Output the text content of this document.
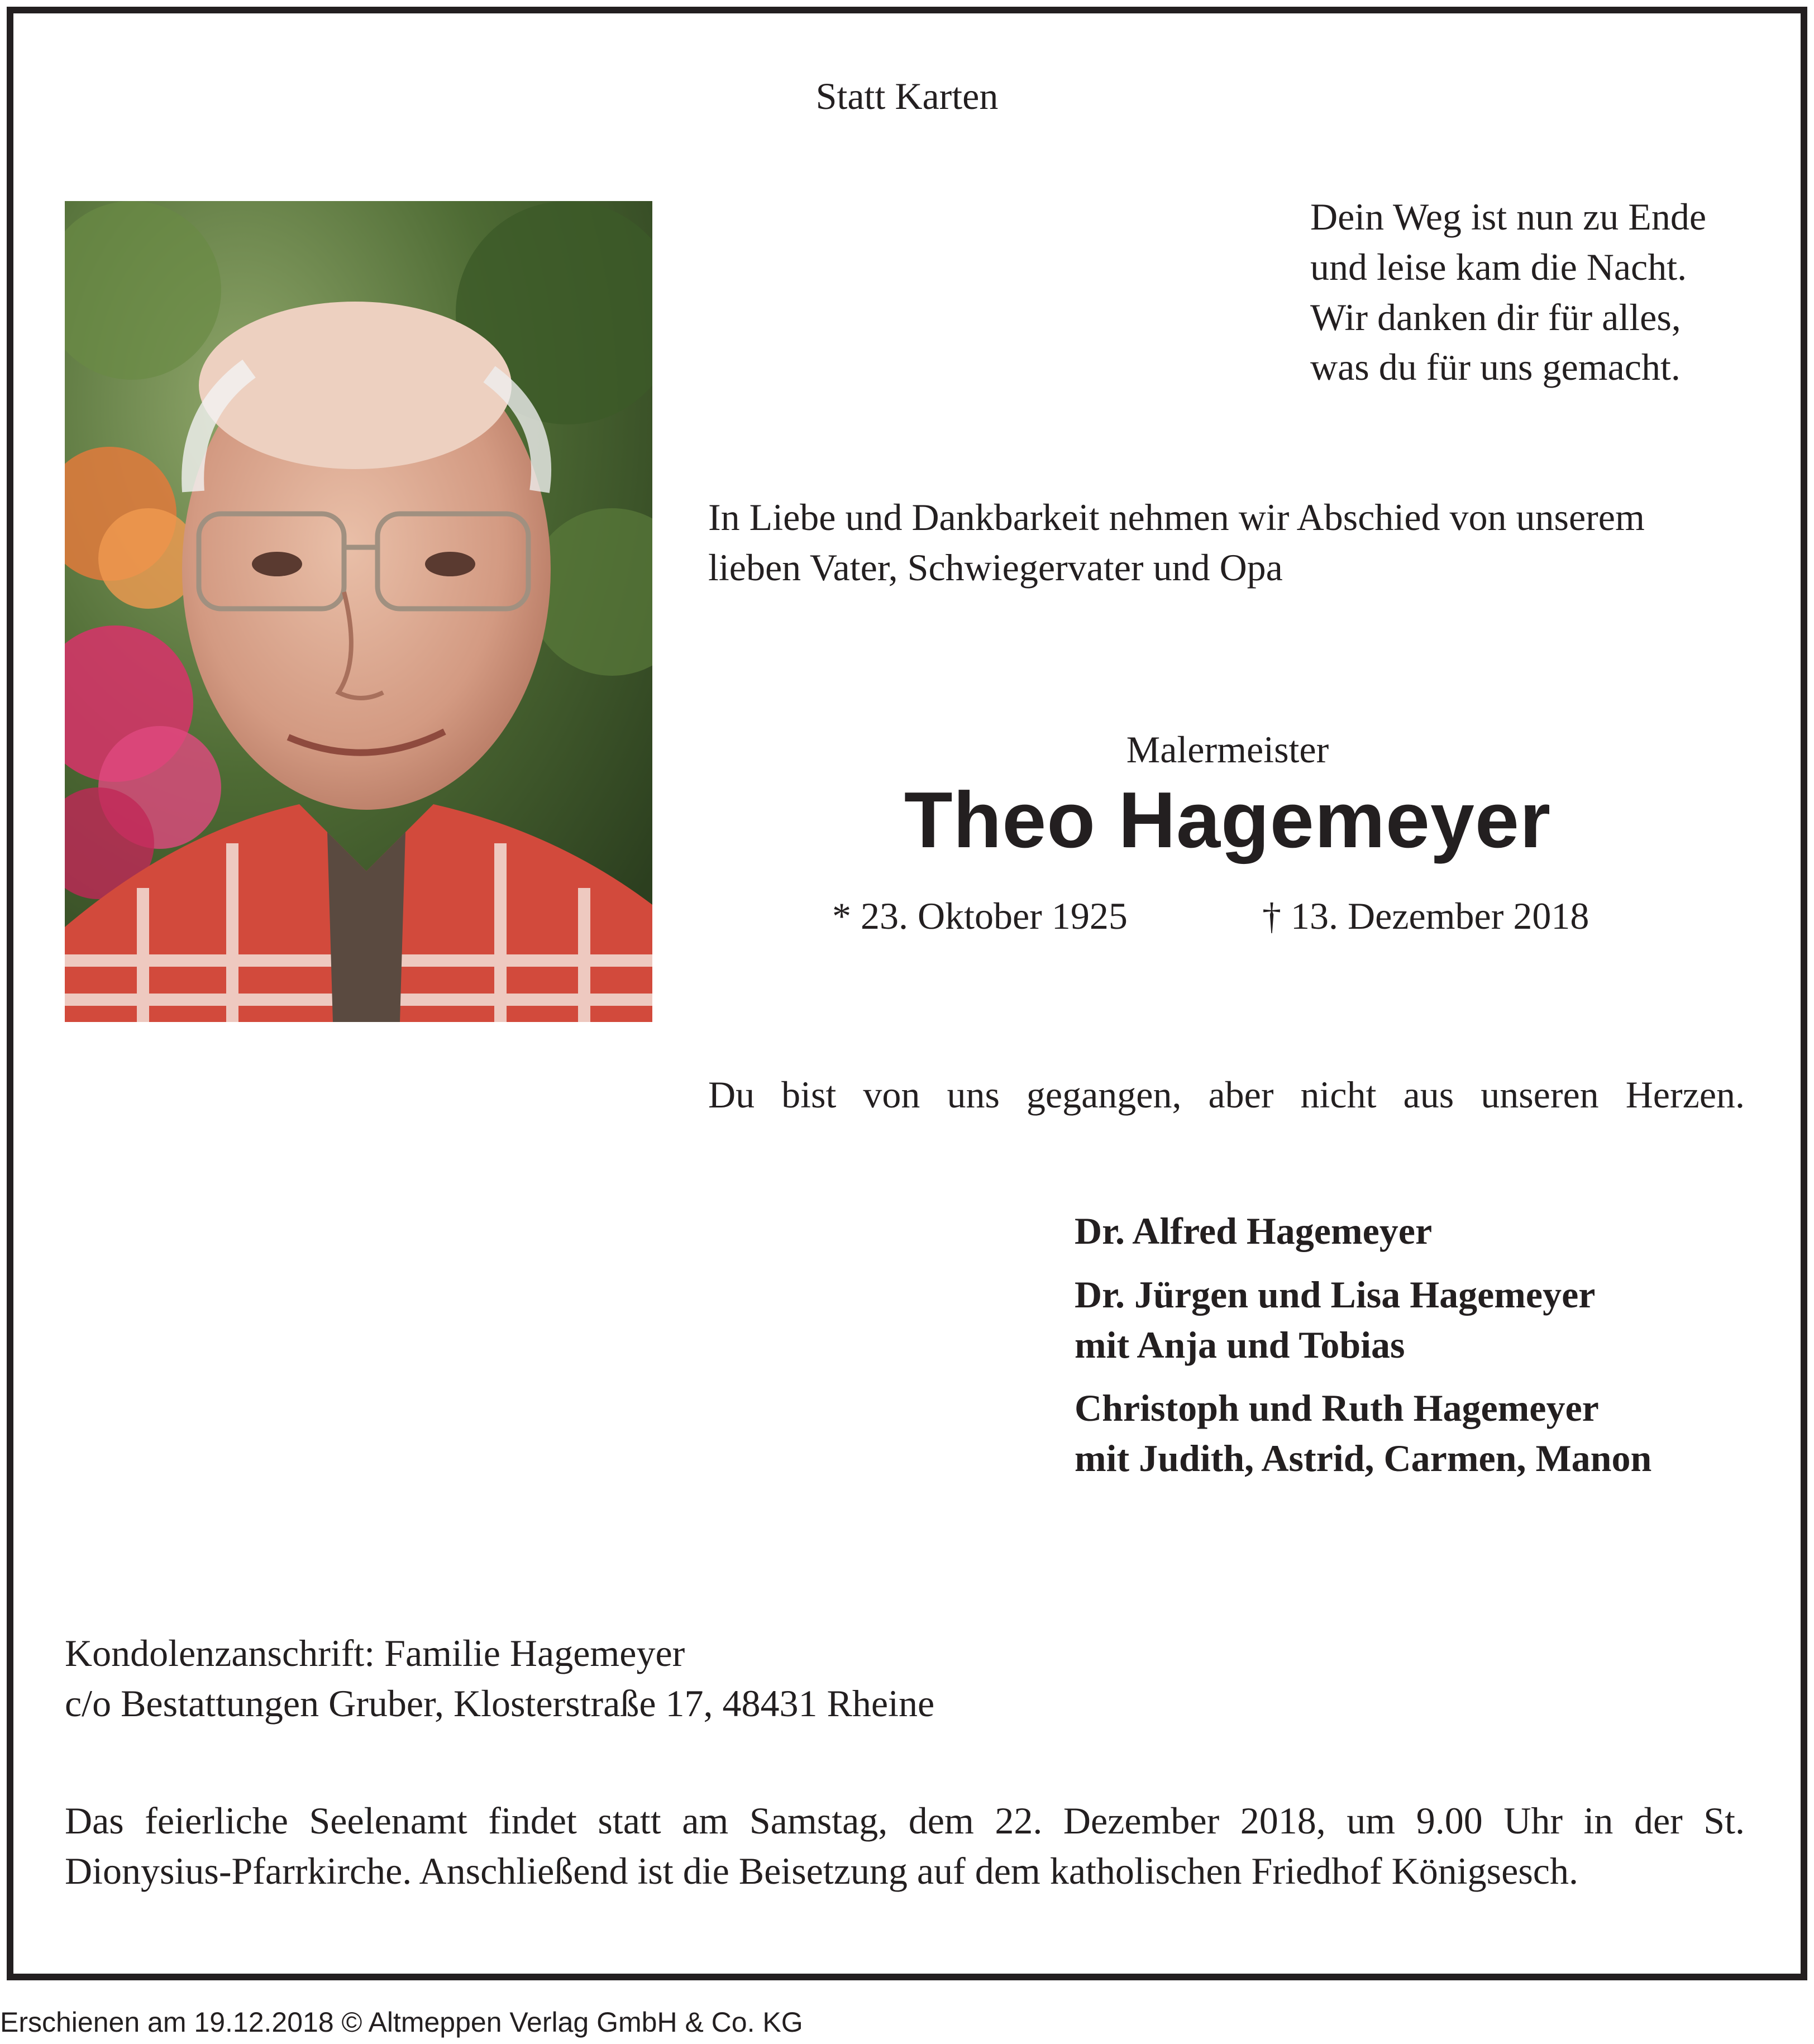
Statt Karten
Dein Weg ist nun zu Ende
und leise kam die Nacht.
Wir danken dir für alles,
was du für uns gemacht.
In Liebe und Dankbarkeit nehmen wir Abschied von unserem
lieben Vater, Schwiegervater und Opa
Malermeister
Theo Hagemeyer
* 23. Oktober 1925	† 13. Dezember 2018
Du bist von uns gegangen, aber nicht aus unseren Herzen.
Dr. Alfred Hagemeyer
Dr. Jürgen und Lisa Hagemeyer
mit Anja und Tobias
Christoph und Ruth Hagemeyer
mit Judith, Astrid, Carmen, Manon
Kondolenzanschrift: Familie Hagemeyer
c/o Bestattungen Gruber, Klosterstraße 17, 48431 Rheine
Das feierliche Seelenamt findet statt am Samstag, dem 22. Dezember 2018, um 9.00 Uhr in der St.
Dionysius-Pfarrkirche. Anschließend ist die Beisetzung auf dem katholischen Friedhof Königsesch.
Erschienen am 19.12.2018 © Altmeppen Verlag GmbH & Co. KG
